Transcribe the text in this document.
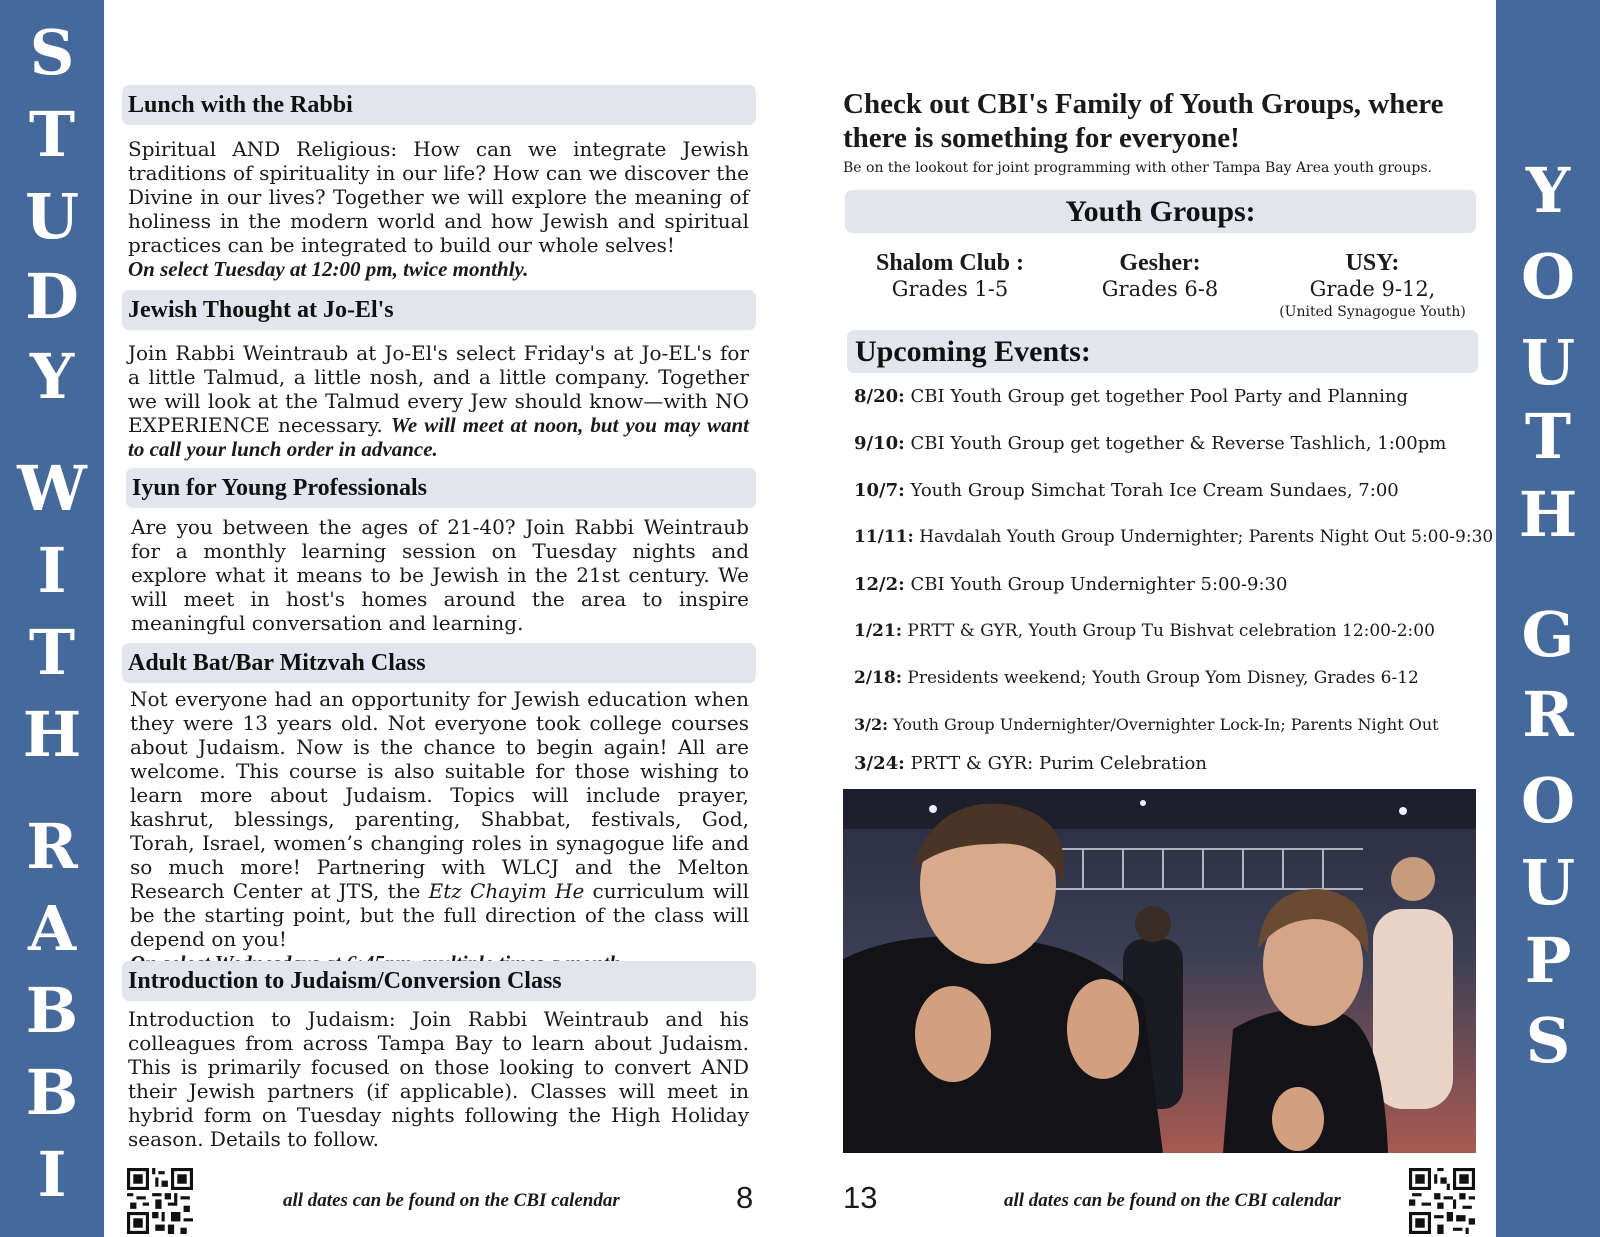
S
T
U
D
Y
W
I
T
H
R
A
B
B
I
Y
O
U
T
H
G
R
O
U
P
S
Lunch with the Rabbi
Spiritual AND Religious: How can we integrate Jewish traditions of spirituality in our life? How can we discover the Divine in our lives? Together we will explore the meaning of holiness in the modern world and how Jewish and spiritual practices can be integrated to build our whole selves!
On select Tuesday at 12:00 pm, twice monthly.
Jewish Thought at Jo-El's
Join Rabbi Weintraub at Jo-El's select Friday's at Jo-EL's for a little Talmud, a little nosh, and a little company. Together we will look at the Talmud every Jew should know—with NO EXPERIENCE necessary. We will meet at noon, but you may want to call your lunch order in advance.
Iyun for Young Professionals
Are you between the ages of 21-40? Join Rabbi Weintraub for a monthly learning session on Tuesday nights and explore what it means to be Jewish in the 21st century. We will meet in host's homes around the area to inspire meaningful conversation and learning.
Adult Bat/Bar Mitzvah Class
Not everyone had an opportunity for Jewish education when they were 13 years old. Not everyone took college courses about Judaism. Now is the chance to begin again! All are welcome. This course is also suitable for those wishing to learn more about Judaism. Topics will include prayer, kashrut, blessings, parenting, Shabbat, festivals, God, Torah, Israel, women’s changing roles in synagogue life and so much more! Partnering with WLCJ and the Melton Research Center at JTS, the Etz Chayim He curriculum will be the starting point, but the full direction of the class will depend on you!

Introduction to Judaism/Conversion Class
Introduction to Judaism: Join Rabbi Weintraub and his colleagues from across Tampa Bay to learn about Judaism. This is primarily focused on those looking to convert AND their Jewish partners (if applicable). Classes will meet in hybrid form on Tuesday nights following the High Holiday season. Details to follow.
all dates can be found on the CBI calendar	8
Check out CBI's Family of Youth Groups, where there is something for everyone!
Be on the lookout for joint programming with other Tampa Bay Area youth groups.
Youth Groups:
Shalom Club :
Grades 1-5
Gesher:
Grades 6-8
USY:
Grade 9-12,
(United Synagogue Youth)
Upcoming Events:
8/20: CBI Youth Group get together Pool Party and Planning
9/10: CBI Youth Group get together & Reverse Tashlich, 1:00pm
10/7: Youth Group Simchat Torah Ice Cream Sundaes, 7:00
11/11: Havdalah Youth Group Undernighter; Parents Night Out 5:00-9:30
12/2: CBI Youth Group Undernighter 5:00-9:30
1/21: PRTT & GYR, Youth Group Tu Bishvat celebration 12:00-2:00
2/18: Presidents weekend; Youth Group Yom Disney, Grades 6-12
3/2: Youth Group Undernighter/Overnighter Lock-In; Parents Night Out
3/24: PRTT & GYR: Purim Celebration
13	all dates can be found on the CBI calendar
